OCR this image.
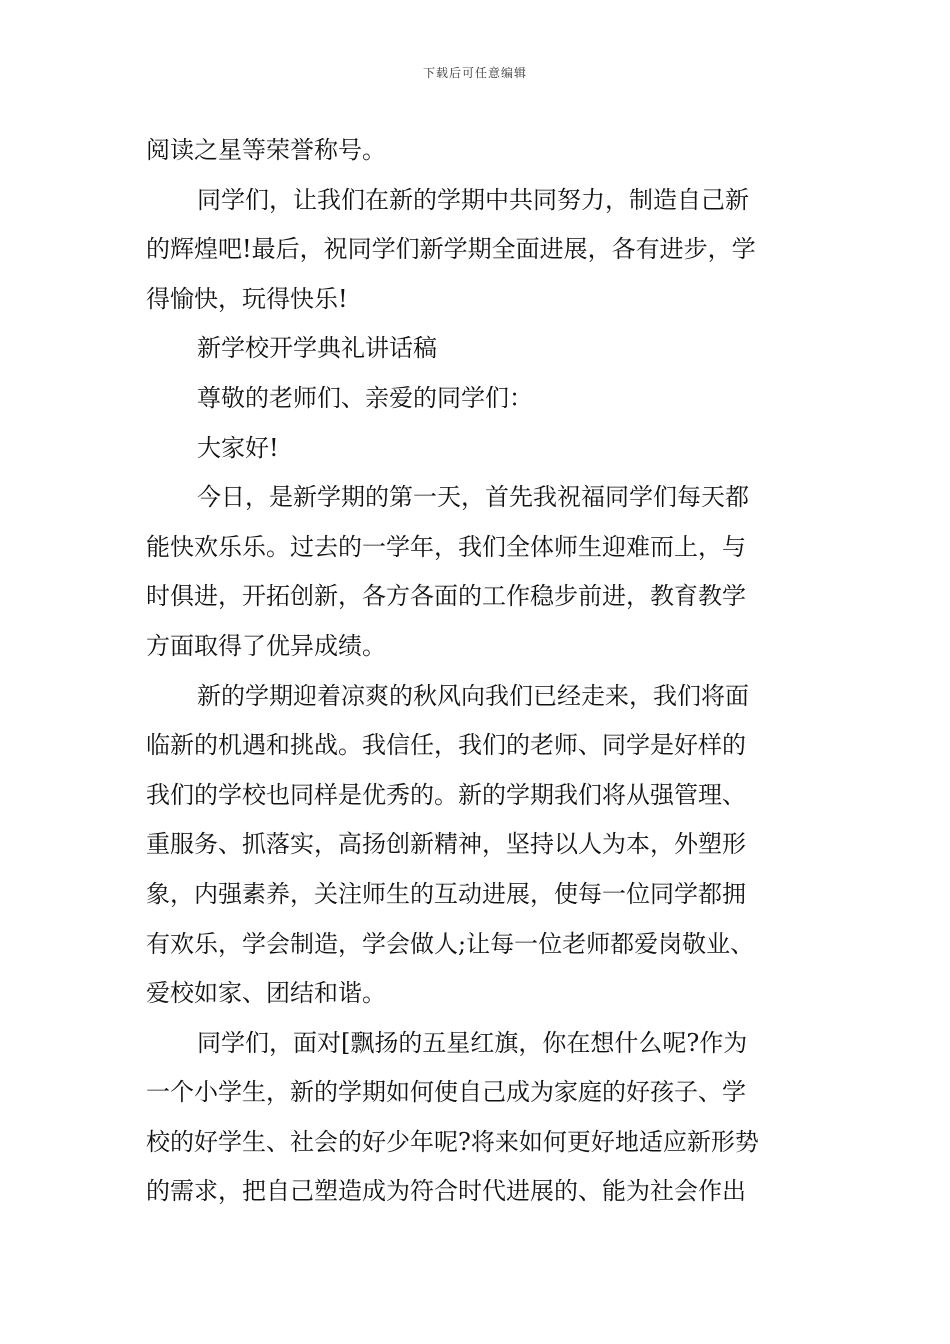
下载后可任意编辑
阅读之星等荣誉称号。
同学们，让我们在新的学期中共同努力，制造自己新
的辉煌吧!最后，祝同学们新学期全面进展，各有进步，学
得愉快，玩得快乐!
新学校开学典礼讲话稿
尊敬的老师们、亲爱的同学们：
大家好!
今日，是新学期的第一天，首先我祝福同学们每天都
能快欢乐乐。过去的一学年，我们全体师生迎难而上，与
时俱进，开拓创新，各方各面的工作稳步前进，教育教学
方面取得了优异成绩。
新的学期迎着凉爽的秋风向我们已经走来，我们将面
临新的机遇和挑战。我信任，我们的老师、同学是好样的
我们的学校也同样是优秀的。新的学期我们将从强管理、
重服务、抓落实，高扬创新精神，坚持以人为本，外塑形
象，内强素养，关注师生的互动进展，使每一位同学都拥
有欢乐，学会制造，学会做人;让每一位老师都爱岗敬业、
爱校如家、团结和谐。
同学们，面对[飘扬的五星红旗，你在想什么呢?作为
一个小学生，新的学期如何使自己成为家庭的好孩子、学
校的好学生、社会的好少年呢?将来如何更好地适应新形势
的需求，把自己塑造成为符合时代进展的、能为社会作出
